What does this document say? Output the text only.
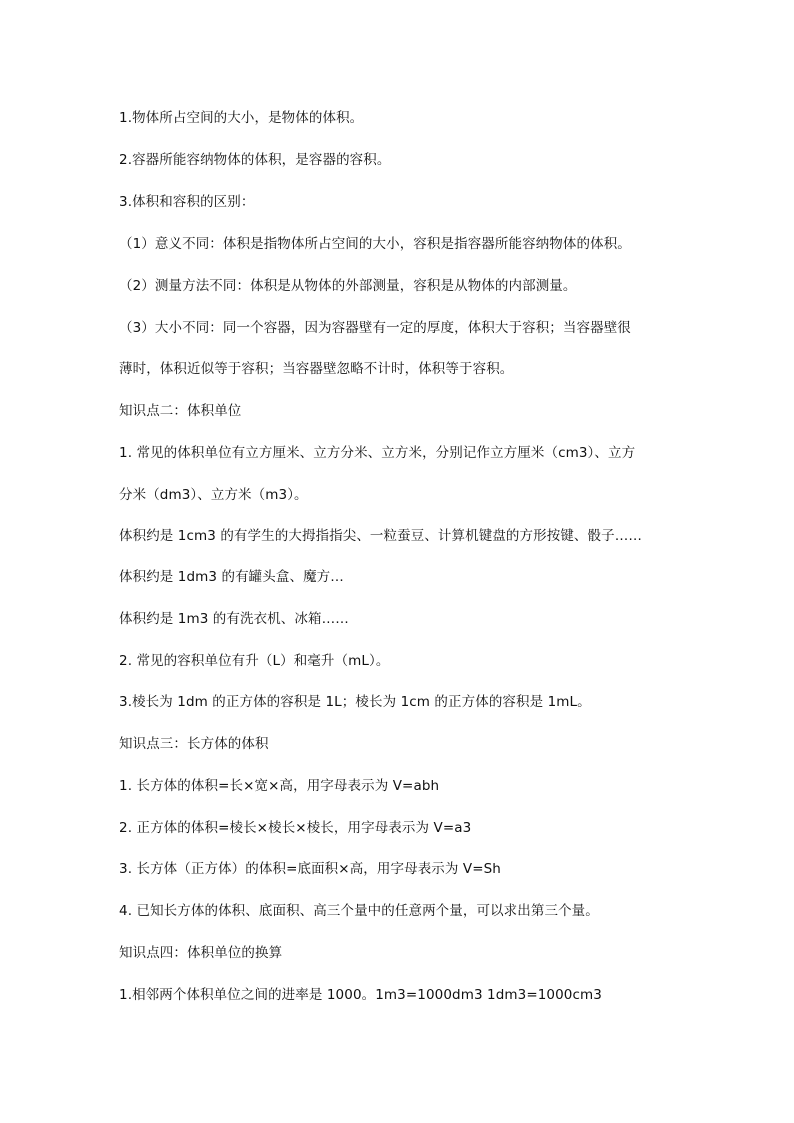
1.物体所占空间的大小，是物体的体积。
2.容器所能容纳物体的体积，是容器的容积。
3.体积和容积的区别：
（1）意义不同：体积是指物体所占空间的大小，容积是指容器所能容纳物体的体积。
（2）测量方法不同：体积是从物体的外部测量，容积是从物体的内部测量。
（3）大小不同：同一个容器，因为容器壁有一定的厚度，体积大于容积；当容器壁很
薄时，体积近似等于容积；当容器壁忽略不计时，体积等于容积。
知识点二：体积单位
1. 常见的体积单位有立方厘米、立方分米、立方米，分别记作立方厘米（cm3）、立方
分米（dm3）、立方米（m3）。
体积约是 1cm3 的有学生的大拇指指尖、一粒蚕豆、计算机键盘的方形按键、骰子……
体积约是 1dm3 的有罐头盒、魔方…
体积约是 1m3 的有洗衣机、冰箱……
2. 常见的容积单位有升（L）和毫升（mL）。
3.棱长为 1dm 的正方体的容积是 1L；棱长为 1cm 的正方体的容积是 1mL。
知识点三：长方体的体积
1. 长方体的体积=长×宽×高，用字母表示为 V=abh
2. 正方体的体积=棱长×棱长×棱长，用字母表示为 V=a3
3. 长方体（正方体）的体积=底面积×高，用字母表示为 V=Sh
4. 已知长方体的体积、底面积、高三个量中的任意两个量，可以求出第三个量。
知识点四：体积单位的换算
1.相邻两个体积单位之间的进率是 1000。1m3=1000dm3 1dm3=1000cm3
